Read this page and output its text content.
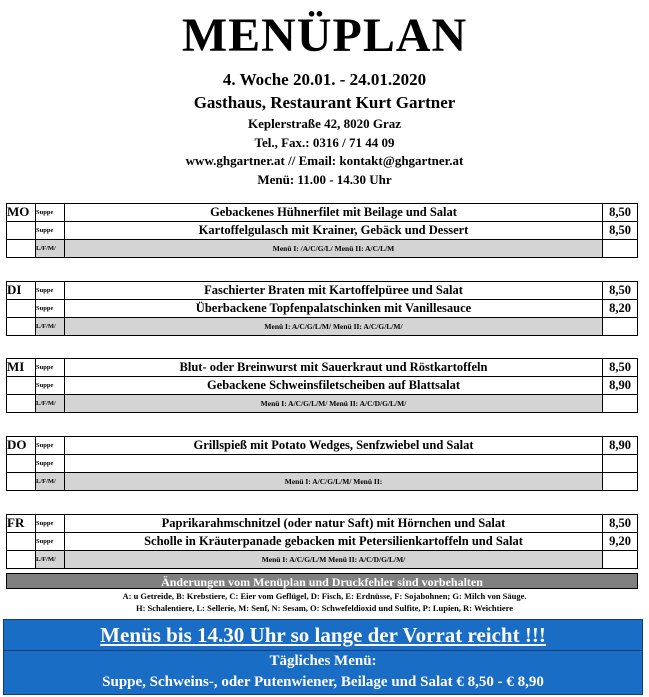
MENÜPLAN
4. Woche 20.01. - 24.01.2020
Gasthaus, Restaurant Kurt Gartner
Keplerstraße 42, 8020 Graz
Tel., Fax.: 0316 / 71 44 09
www.ghgartner.at // Email: kontakt@ghgartner.at
Menü: 11.00 - 14.30 Uhr
MO	Suppe	Gebackenes Hühnerfilet mit Beilage und Salat	8,50
	Suppe	Kartoffelgulasch mit Krainer, Gebäck und Dessert	8,50
	L/F/M/	Menü I: /A/C/G/L/ Menü II: A/C/L/M	
DI	Suppe	Faschierter Braten mit Kartoffelpüree und Salat	8,50
	Suppe	Überbackene Topfenpalatschinken mit Vanillesauce	8,20
	L/F/M/	Menü I: A/C/G/L/M/ Menü II: A/C/G/L/M/	
MI	Suppe	Blut- oder Breinwurst mit Sauerkraut und Röstkartoffeln	8,50
	Suppe	Gebackene Schweinsfiletscheiben auf Blattsalat	8,90
	L/F/M/	Menü I: A/C/G/L/M/ Menü II: A/C/D/G/L/M/	
DO	Suppe	Grillspieß mit Potato Wedges, Senfzwiebel und Salat	8,90
	Suppe		
	L/F/M/	Menü I: A/C/G/L/M/ Menü II:	
FR	Suppe	Paprikarahmschnitzel (oder natur Saft) mit Hörnchen und Salat	8,50
	Suppe	Scholle in Kräuterpanade gebacken mit Petersilienkartoffeln und Salat	9,20
	L/F/M/	Menü I: A/C/G/L/M Menü II: A/C/D/G/L/M/	
Änderungen vom Menüplan und Druckfehler sind vorbehalten
A: u Getreide, B: Krebstiere, C: Eier vom Geflügel, D: Fisch, E: Erdnüsse, F: Sojabohnen; G: Milch von Säuge.
H: Schalentiere, L: Sellerie, M: Senf, N: Sesam, O: Schwefeldioxid und Sulfite, P: Lupien, R: Weichtiere
Menüs bis 14.30 Uhr so lange der Vorrat reicht !!!
Tägliches Menü:
Suppe, Schweins-, oder Putenwiener, Beilage und Salat € 8,50 - € 8,90
